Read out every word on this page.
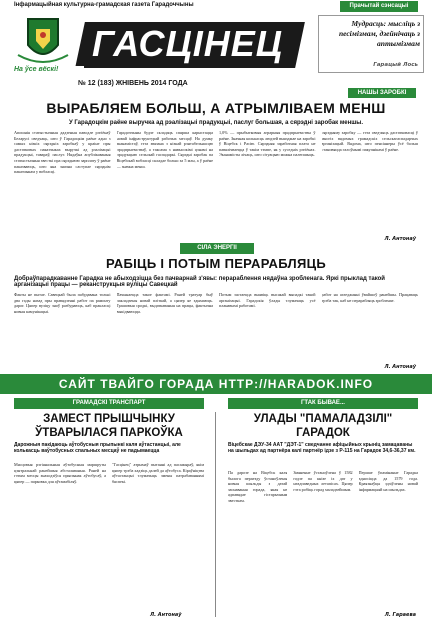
Інфармацыйная культурна-грамадская газета Гарадоччыны	Прачытай сэнсацыі
ГАСЦІНЕЦ	Мудрасць: мысліць з песімізмам, дзейнічаць з аптымізмам
Гарацый Лось
На ўсе вёскі!
№ 12 (183) ЖНІВЕНЬ 2014 ГОДА
НАШЫ ЗАРОБКІ
ВЫРАБЛЯЕМ БОЛЬШ, А АТРЫМЛІВАЕМ МЕНШ
У Гарадоцкім раёне выручка ад рэалізацыі прадукцыі, паслуг большая, а сярэдні заробак меншы.
Апошнія статыстычныя дадзеныя паводле рэгіёнаў Беларусі сведчаць, што ў Гарадоцкім раёне адно з самых нізкіх сярэдніх заробкаў у краіне пры дастатковых паказчыках выручкі ад рэалізацыі прадукцыі, тавараў, паслуг. Нядаўна апублікаваныя статыстычныя звесткі пра сярэднюю зарплату ў раёне паказваюць, што яна значна саступае сярэднім паказчыкам у вобласці.
Гарадоччыны будзе складаць спярша карыстацца новай інфраструктурай рабочых месцаў. На думку эканамістаў, гэта звязана з нізкай рэнтабельнасцю прадпрыемстваў, а таксама з нявысокімі цэнамі на прадукцыю сельскай гаспадаркі. Сярэдні заробак па Віцебскай вобласці складае больш за 5 млн, а ў раёне — значна менш.
1,0% — прыбытковыя аграрныя прадпрыемствы ў раёне. Значная колькасць людзей выязджае на заробкі ў Віцебск і Расію. Сярэдняя заработная плата не павялічваецца ў такім тэмпе, як у суседніх рэгіёнах. Эканамісты лічаць, што сітуацыю можна палепшыць.
сярэдняму заробку — гэта сведчыць дастатковасці ў многіх вядомых грамадскіх сельскагаспадарчых арганізацый. Вядома, што пенсіянеры ўсё больш становяцца галоўнымі пакупнікамі ў раёне.
Л. Антонаў
СІЛА ЭНЕРГІІ
РАБІЦЬ І ПОТЫМ ПЕРАРАБЛЯЦЬ
Добраўпарадкаванне Гарадка не абыходзіцца без пачварнай з'явы: перараблення нядаўна зробленага. Яркі прыклад такой арганізацыі працы — реканструкцыя вуліцы Савецкай
Факты не пытае. Савецкай была пабудавана толькі два гады назад пры правядзенні работ па рамонту дарог. Цяпер вуліцу зноў разбураюць, каб пракласці новыя камунікацыі.
Пачынаецца такое фактамі. Раней тратуар быў пакладзены новай пліткай, а цяпер яе здымаюць. Грашовыя сродкі, выдаткаваныя на працы, фактычна выкідваюцца.
Потым застаецца выявіць высакай выпадкі такой арганізацыі. Гарадскія ўлады тлумачаць усё планавымі работамі.
работ на агледжанні ўвайшоў ранейшы. Працаваць трэба так, каб не перарабляць зробленае.
Л. Антонаў
САЙТ ТВАЙГО ГОРАДА HTTP://HARADOK.INFO
ГРАМАДСКІ ТРАНСПАРТ	ГТАК БЫВАЕ...
ЗАМЕСТ ПРЫШЧЫНКУ ЎТВАРЫЛАСЯ ПАРКОЎКА
Дарожныя пакідаюць аўтобусныя прыпынкі каля аўтастанцыі, але колькасць ваўтобусных спальных месцаў не падымаецца
Мясцовыя рэгіянальныя аўтобусныя маршруты цэнтральнай ранейшыя абсталяваныя. Раней на гэтым месцы знаходзіўся прыпынак аўтобусаў, а цяпер — парковка для аўтамабіляў.
"Гасцінец" атрымаў пытанні ад пасажыраў, якім цяпер трэба хадзіць далей да аўтобуса. Кіраўніцтва аўтастанцыі тлумачыць змены патрабаваннямі бяспекі.
Л. Антонаў
УЛАДЫ "ПАМАЛАДЗІЛІ" ГАРАДОК
Віцебскае ДЭУ-34 ААТ "ДЭТ-1" сведчанне афіцыйных крыніц замацаваны на шыльдах ад партнёра калі партнёр ідзе з P-115 на Гарадок 34,6-36,37 км.
Па дарозе на Віцебск каля былога пераезду ўстаноўлены новыя шыльды з датай заснавання горада, якая не адпавядае гістарычным звесткам.
Змяненне ўстаноўлена ў 1582 годзе па кнізе іх дат у неадпаведных летапісах. Цяпер гэта робіць горад маладзейшым.
Першае ўпамінанне Гарадка адносіцца да 1579 года. Краязнаўцы здзіўлены новай інфармацыяй на шыльдах.
Л. Гараева
